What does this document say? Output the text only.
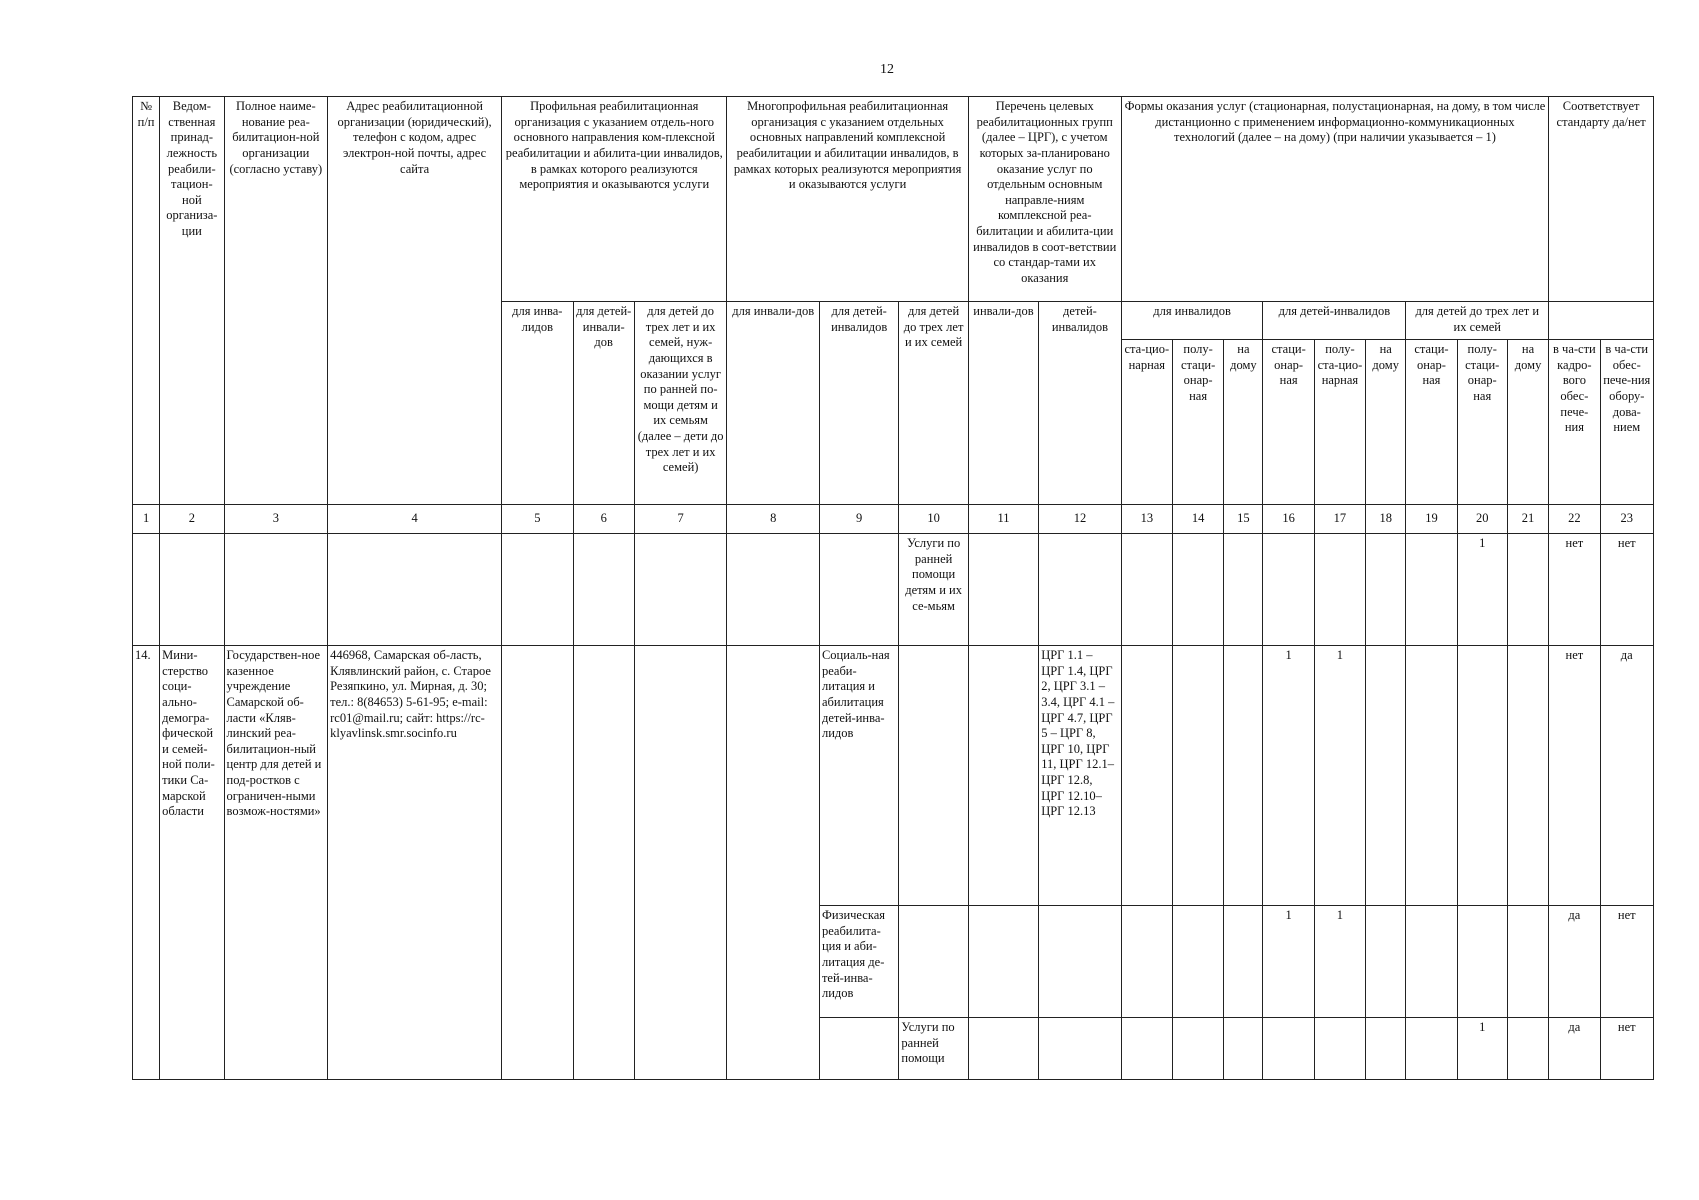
12
№ п/п	Ведом-ственная принад-лежность реабили-тацион-ной организа-ции	Полное наиме-нование реа-билитацион-ной организации (согласно уставу)	Адрес реабилитационной организации (юридический), телефон с кодом, адрес электрон-ной почты, адрес сайта	Профильная реабилитационная организация с указанием отдель-ного основного направления ком-плексной реабилитации и абилита-ции инвалидов, в рамках которого реализуются мероприятия и оказываются услуги			Многопрофильная реабилитационная организация с указанием отдельных основных направлений комплексной реабилитации и абилитации инвалидов, в рамках которых реализуются мероприятия и оказываются услуги			Перечень целевых реабилитационных групп (далее – ЦРГ), с учетом которых за-планировано оказание услуг по отдельным основным направле-ниям комплексной реа-билитации и абилита-ции инвалидов в соот-ветствии со стандар-тами их оказания		Формы оказания услуг (стационарная, полустационарная, на дому, в том числе дистанционно с применением информационно-коммуникационных технологий (далее – на дому) (при наличии указывается – 1)									Соответствует стандарту да/нет	
				для инва-лидов	для детей-инвали-дов	для детей до трех лет и их семей, нуж-дающихся в оказании услуг по ранней по-мощи детям и их семьям (далее – дети до трех лет и их семей)	для инвали-дов	для детей-инвалидов	для детей до трех лет и их семей	инвали-дов	детей-инвалидов	для инвалидов			для детей-инвалидов			для детей до трех лет и их семей				
												ста-цио-нарная	полу-стаци-онар-ная	на дому	стаци-онар-ная	полу-ста-цио-нарная	на дому	стаци-онар-ная	полу-стаци-онар-ная	на дому	в ча-сти кадро-вого обес-пече-ния	в ча-сти обес-пече-ния обору-дова-нием
1	2	3	4	5	6	7	8	9	10	11	12	13	14	15	16	17	18	19	20	21	22	23
									Услуги по ранней помощи детям и их се-мьям										1		нет	нет
14.	Мини-стерство соци-ально-демогра-фической и семей-ной поли-тики Са-марской области	Государствен-ное казенное учреждение Самарской об-ласти «Кляв-линский реа-билитацион-ный центр для детей и под-ростков с ограничен-ными возмож-ностями»	446968, Самарская об-ласть, Клявлинский район, с. Старое Резяпкино, ул. Мирная, д. 30; тел.: 8(84653) 5-61-95; e-mail: rc01@mail.ru; сайт: https://rc-klyavlinsk.smr.socinfo.ru					Социаль-ная реаби-литация и абилитация детей-инва-лидов			ЦРГ 1.1 – ЦРГ 1.4, ЦРГ 2, ЦРГ 3.1 – 3.4, ЦРГ 4.1 – ЦРГ 4.7, ЦРГ 5 – ЦРГ 8, ЦРГ 10, ЦРГ 11, ЦРГ 12.1– ЦРГ 12.8, ЦРГ 12.10– ЦРГ 12.13				1	1					нет	да
								Физическая реабилита-ция и аби-литация де-тей-инва-лидов							1	1					да	нет
									Услуги по ранней помощи										1		да	нет
